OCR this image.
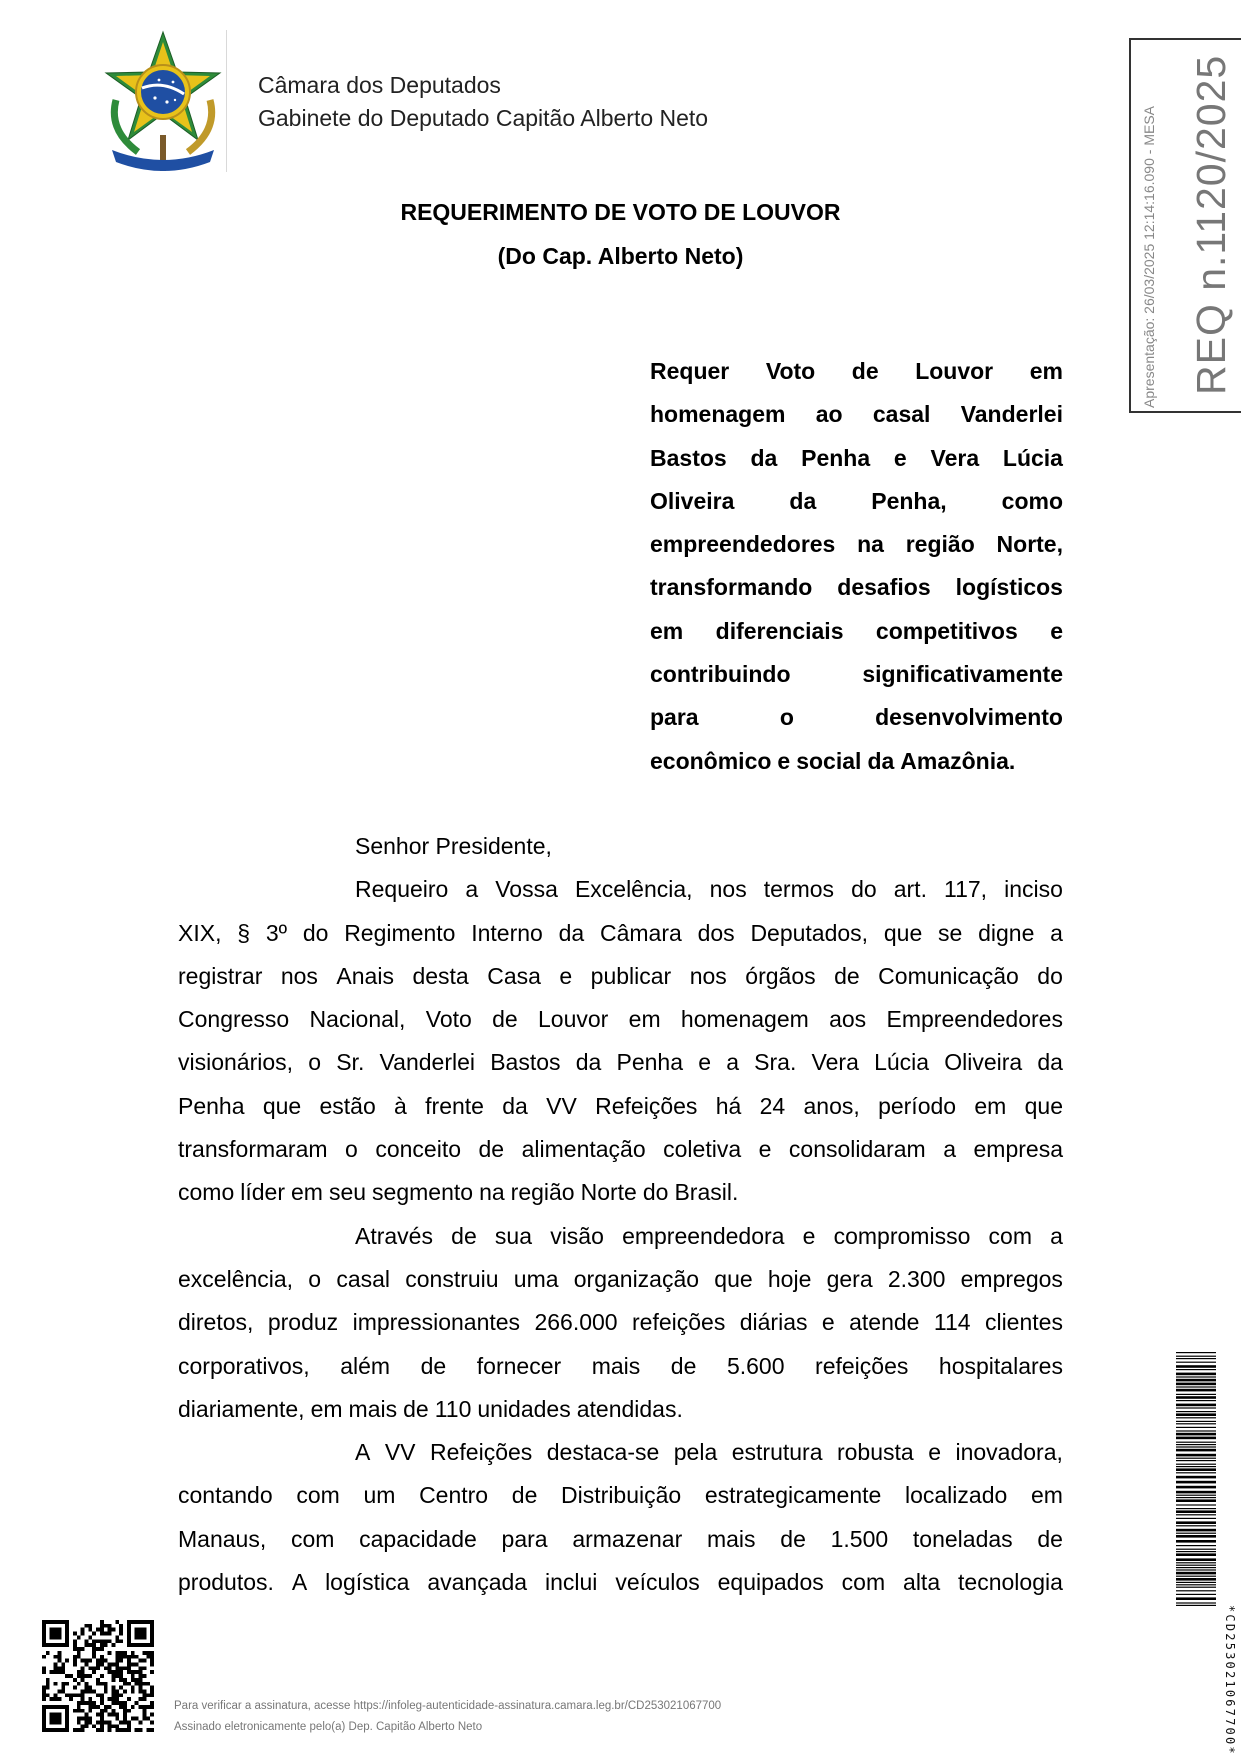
Câmara dos Deputados
Gabinete do Deputado Capitão Alberto Neto
REQUERIMENTO DE VOTO DE LOUVOR
(Do Cap. Alberto Neto)
Requer Voto de Louvor em
homenagem ao casal Vanderlei
Bastos da Penha e Vera Lúcia
Oliveira da Penha, como
empreendedores na região Norte,
transformando desafios logísticos
em diferenciais competitivos e
contribuindo	significativamente
para	o	desenvolvimento
econômico e social da Amazônia.
Senhor Presidente,
Requeiro a Vossa Excelência, nos termos do art. 117, inciso
XIX, § 3º do Regimento Interno da Câmara dos Deputados, que se digne a
registrar nos Anais desta Casa e publicar nos órgãos de Comunicação do
Congresso Nacional, Voto de Louvor em homenagem aos Empreendedores
visionários, o Sr. Vanderlei Bastos da Penha e a Sra. Vera Lúcia Oliveira da
Penha que estão à frente da VV Refeições há 24 anos, período em que
transformaram o conceito de alimentação coletiva e consolidaram a empresa
como líder em seu segmento na região Norte do Brasil.
Através de sua visão empreendedora e compromisso com a
excelência, o casal construiu uma organização que hoje gera 2.300 empregos
diretos, produz impressionantes 266.000 refeições diárias e atende 114 clientes
corporativos, além de fornecer mais de 5.600 refeições hospitalares
diariamente, em mais de 110 unidades atendidas.
A VV Refeições destaca-se pela estrutura robusta e inovadora,
contando com um Centro de Distribuição estrategicamente localizado em
Manaus, com capacidade para armazenar mais de 1.500 toneladas de
produtos. A logística avançada inclui veículos equipados com alta tecnologia
Apresentação: 26/03/2025 12:14:16.090 - MESA REQ n.1120/2025
*CD253021067700*
Para verificar a assinatura, acesse https://infoleg-autenticidade-assinatura.camara.leg.br/CD253021067700
Assinado eletronicamente pelo(a) Dep. Capitão Alberto Neto
